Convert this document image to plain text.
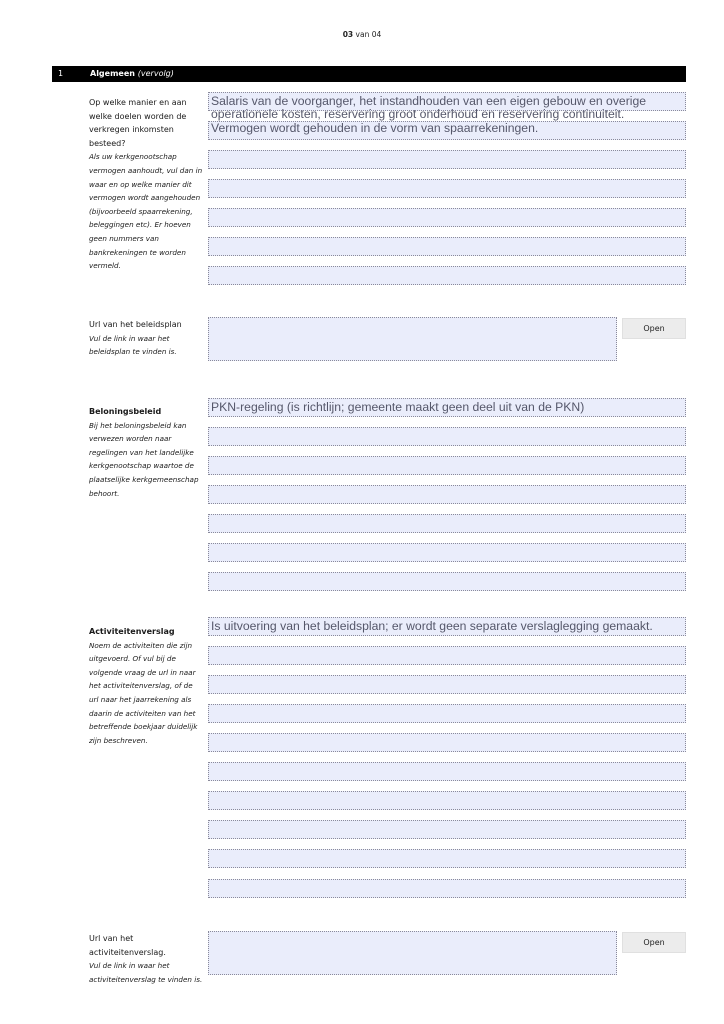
03 van 04
1	Algemeen (vervolg)
Op welke manier en aan welke doelen worden de verkregen inkomsten besteed?
Als uw kerkgenootschap vermogen aanhoudt, vul dan in waar en op welke manier dit vermogen wordt aangehouden (bijvoorbeeld spaarrekening, beleggingen etc). Er hoeven geen nummers van bankrekeningen te worden vermeld.
Salaris van de voorganger, het instandhouden van een eigen gebouw en overige
operationele kosten, reservering groot onderhoud en reservering continuiteit.
Vermogen wordt gehouden in de vorm van spaarrekeningen.
Url van het beleidsplan
Vul de link in waar het beleidsplan te vinden is.
Open
Beloningsbeleid
Bij het beloningsbeleid kan verwezen worden naar regelingen van het landelijke kerkgenootschap waartoe de plaatselijke kerkgemeenschap behoort.
PKN-regeling (is richtlijn; gemeente maakt geen deel uit van de PKN)
Activiteitenverslag
Noem de activiteiten die zijn uitgevoerd. Of vul bij de volgende vraag de url in naar het activiteitenverslag, of de url naar het jaarrekening als daarin de activiteiten van het betreffende boekjaar duidelijk zijn beschreven.
Is uitvoering van het beleidsplan; er wordt geen separate verslaglegging gemaakt.
Url van het activiteitenverslag.
Vul de link in waar het activiteitenverslag te vinden is.
Open
